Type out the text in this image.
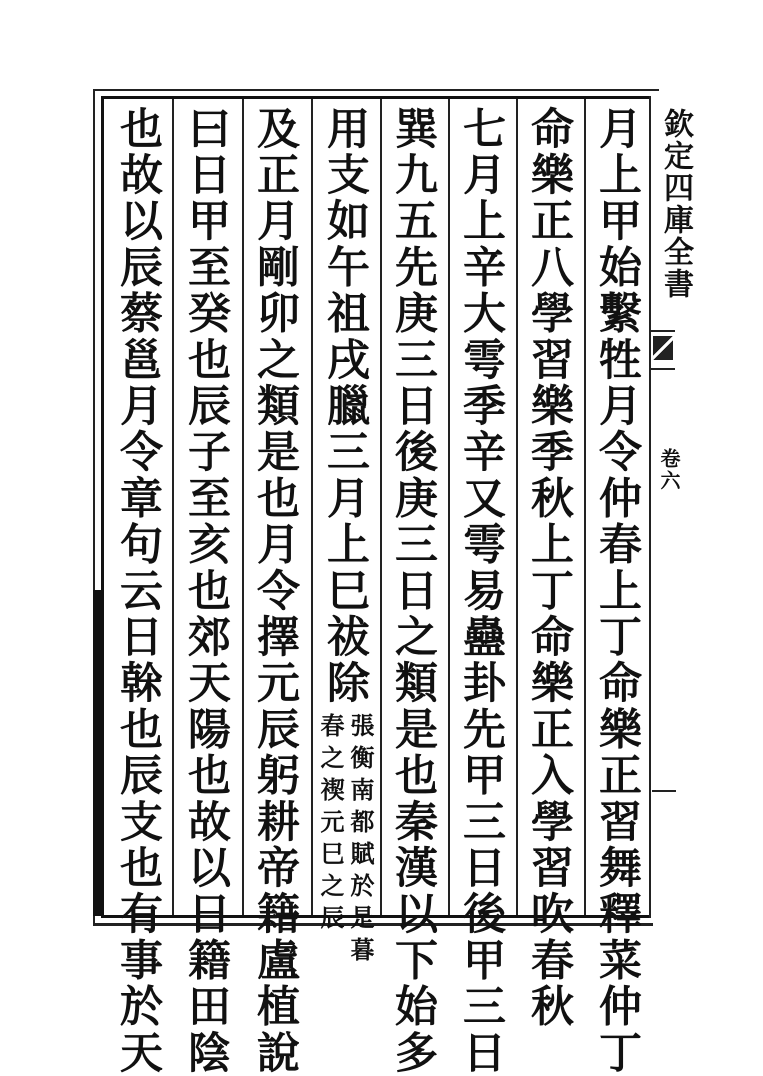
月上甲始繫牲月令仲春上丁命樂正習舞釋菜仲丁
命樂正八學習樂季秋上丁命樂正入學習吹春秋
七月上辛大雩季辛又雩易蠱卦先甲三日後甲三日
巽九五先庚三日後庚三日之類是也秦漢以下始多
用支如午祖戌臘三月上巳祓除
張衡南都賦於是暮
春之禊元巳之辰
及正月剛卯之類是也月令擇元辰躬耕帝籍盧植說
曰日甲至癸也辰子至亥也郊天陽也故以日籍田陰
也故以辰蔡邕月令章句云日榦也辰支也有事於天	欽定四庫全書
卷六
